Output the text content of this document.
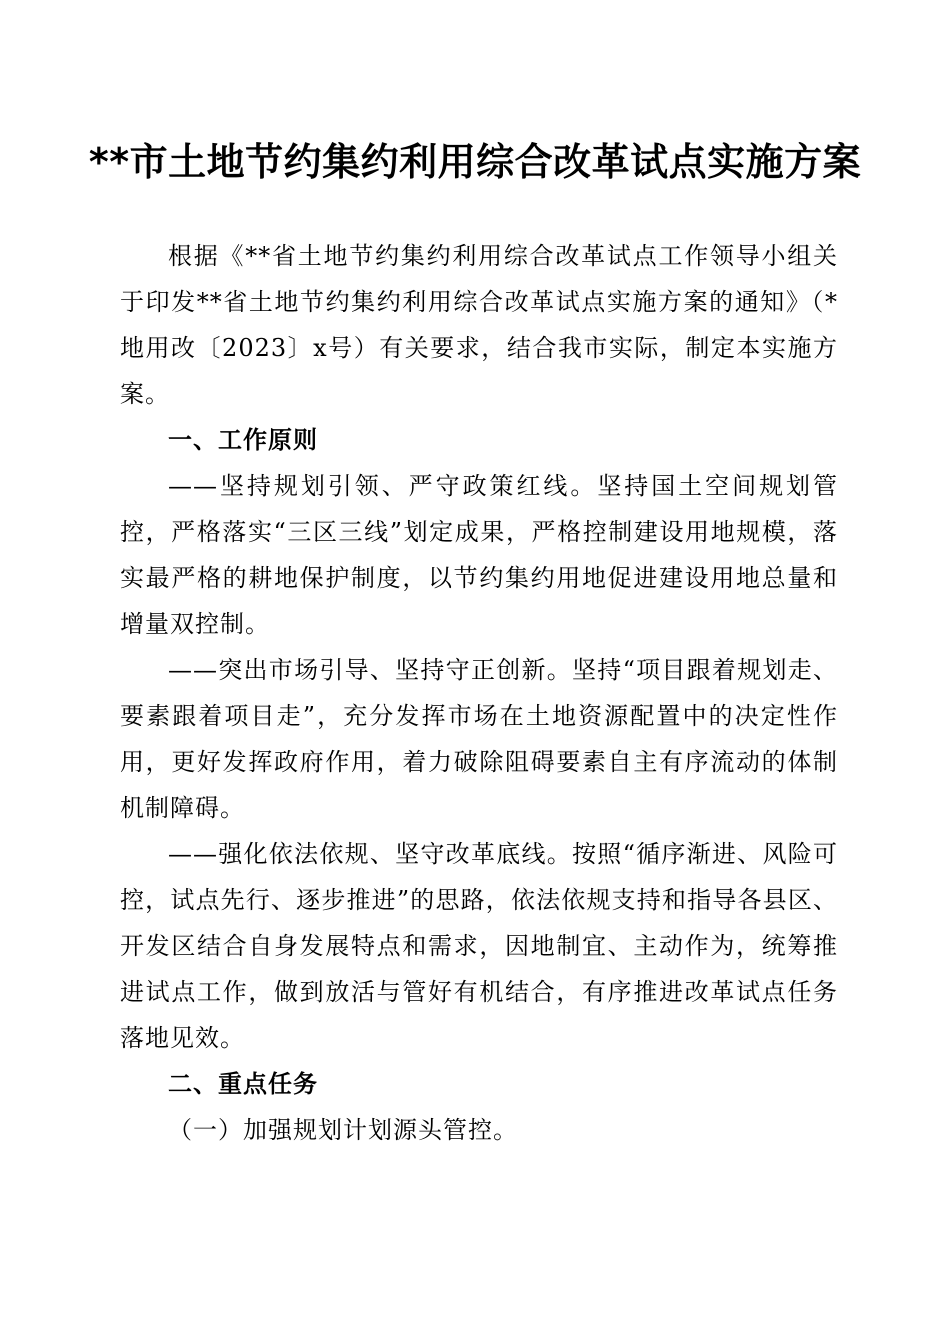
**市土地节约集约利用综合改革试点实施方案

根据《**省土地节约集约利用综合改革试点工作领导小组关于印发**省土地节约集约利用综合改革试点实施方案的通知》（*地用改〔2023〕x号）有关要求，结合我市实际，制定本实施方案。

一、工作原则

——坚持规划引领、严守政策红线。坚持国土空间规划管控，严格落实“三区三线”划定成果，严格控制建设用地规模，落实最严格的耕地保护制度，以节约集约用地促进建设用地总量和增量双控制。

——突出市场引导、坚持守正创新。坚持“项目跟着规划走、要素跟着项目走”，充分发挥市场在土地资源配置中的决定性作用，更好发挥政府作用，着力破除阻碍要素自主有序流动的体制机制障碍。

——强化依法依规、坚守改革底线。按照“循序渐进、风险可控，试点先行、逐步推进”的思路，依法依规支持和指导各县区、开发区结合自身发展特点和需求，因地制宜、主动作为，统筹推进试点工作，做到放活与管好有机结合，有序推进改革试点任务落地见效。

二、重点任务

（一）加强规划计划源头管控。
